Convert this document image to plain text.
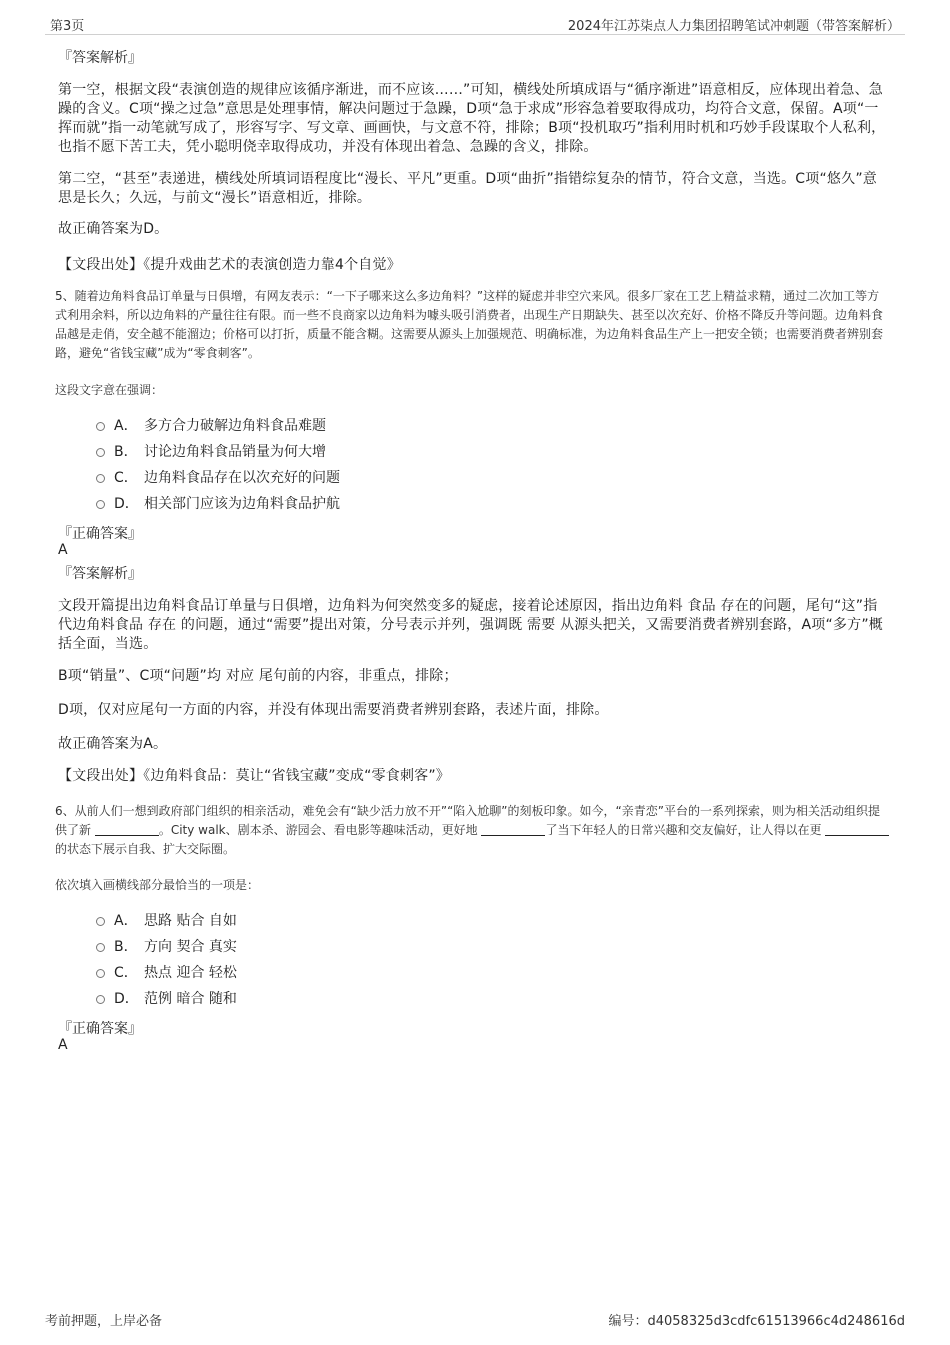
第3页	2024年江苏柒点人力集团招聘笔试冲刺题（带答案解析）
『答案解析』

第一空，根据文段“表演创造的规律应该循序渐进，而不应该……”可知，横线处所填成语与“循序渐进”语意相反，应体现出着急、急躁的含义。C项“操之过急”意思是处理事情，解决问题过于急躁，D项“急于求成”形容急着要取得成功，均符合文意，保留。A项“一挥而就”指一动笔就写成了，形容写字、写文章、画画快，与文意不符，排除；B项“投机取巧”指利用时机和巧妙手段谋取个人私利，也指不愿下苦工夫，凭小聪明侥幸取得成功，并没有体现出着急、急躁的含义，排除。

第二空，“甚至”表递进，横线处所填词语程度比“漫长、平凡”更重。D项“曲折”指错综复杂的情节，符合文意，当选。C项“悠久”意思是长久；久远，与前文“漫长”语意相近，排除。

故正确答案为D。
【文段出处】《提升戏曲艺术的表演创造力靠4个自觉》

5、随着边角料食品订单量与日俱增，有网友表示：“一下子哪来这么多边角料？”这样的疑虑并非空穴来风。很多厂家在工艺上精益求精，通过二次加工等方式利用余料，所以边角料的产量往往有限。而一些不良商家以边角料为噱头吸引消费者，出现生产日期缺失、甚至以次充好、价格不降反升等问题。边角料食品越是走俏，安全越不能溜边；价格可以打折，质量不能含糊。这需要从源头上加强规范、明确标准，为边角料食品生产上一把安全锁；也需要消费者辨别套路，避免“省钱宝藏”成为“零食刺客”。

这段文字意在强调：
A． 多方合力破解边角料食品难题
B． 讨论边角料食品销量为何大增
C． 边角料食品存在以次充好的问题
D． 相关部门应该为边角料食品护航
『正确答案』
A
『答案解析』

文段开篇提出边角料食品订单量与日俱增，边角料为何突然变多的疑虑，接着论述原因，指出边角料 食品 存在的问题，尾句“这”指代边角料食品 存在 的问题，通过“需要”提出对策，分号表示并列，强调既 需要 从源头把关，又需要消费者辨别套路，A项“多方”概括全面，当选。

B项“销量”、C项“问题”均 对应 尾句前的内容，非重点，排除；
D项，仅对应尾句一方面的内容，并没有体现出需要消费者辨别套路，表述片面，排除。
故正确答案为A。
【文段出处】《边角料食品：莫让“省钱宝藏”变成“零食刺客”》

6、从前人们一想到政府部门组织的相亲活动，难免会有“缺少活力放不开”“陷入尬聊”的刻板印象。如今，“亲青恋”平台的一系列探索，则为相关活动组织提供了新	。City walk、剧本杀、游园会、看电影等趣味活动，更好地	了当下年轻人的日常兴趣和交友偏好，让人得以在更 的状态下展示自我、扩大交际圈。

依次填入画横线部分最恰当的一项是：
A． 思路 贴合 自如
B． 方向 契合 真实
C． 热点 迎合 轻松
D． 范例 暗合 随和
『正确答案』
A
考前押题，上岸必备	编号：d4058325d3cdfc61513966c4d248616d
